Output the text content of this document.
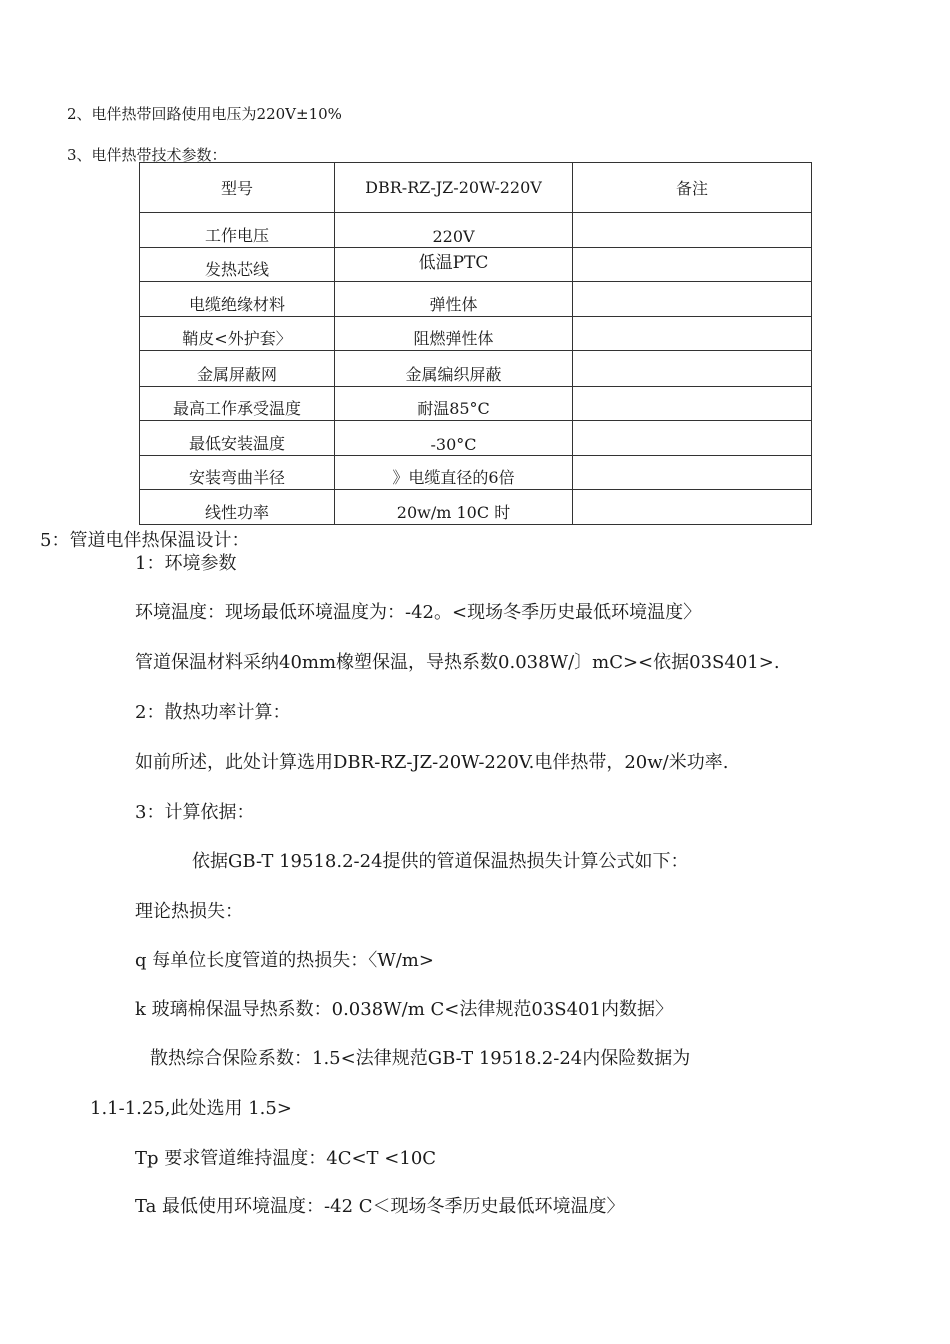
2、电伴热带回路使用电压为220V±10%
3、电伴热带技术参数：
型号	DBR-RZ-JZ-20W-220V	备注
工作电压	220V	
发热芯线	低温PTC	
电缆绝缘材料	弹性体	
鞘皮<外护套〉	阻燃弹性体	
金属屏蔽网	金属编织屏蔽	
最高工作承受温度	耐温85°C	
最低安装温度	-30°C	
安装弯曲半径	》电缆直径的6倍	
线性功率	20w/m 10C 时	
5：管道电伴热保温设计：
1：环境参数
环境温度：现场最低环境温度为：-42。<现场冬季历史最低环境温度〉
管道保温材料采纳40mm橡塑保温，导热系数0.038W/〕mC><依据03S401>.
2：散热功率计算：
如前所述，此处计算选用DBR-RZ-JZ-20W-220V.电伴热带，20w/米功率.
3：计算依据：
依据GB-T 19518.2-24提供的管道保温热损失计算公式如下：
理论热损失：
q 每单位长度管道的热损失：〈W/m>
k 玻璃棉保温导热系数：0.038W/m C<法律规范03S401内数据〉
散热综合保险系数：1.5<法律规范GB-T 19518.2-24内保险数据为
1.1-1.25,此处选用 1.5>
Tp 要求管道维持温度：4C<T <10C
Ta 最低使用环境温度：-42 C＜现场冬季历史最低环境温度〉
